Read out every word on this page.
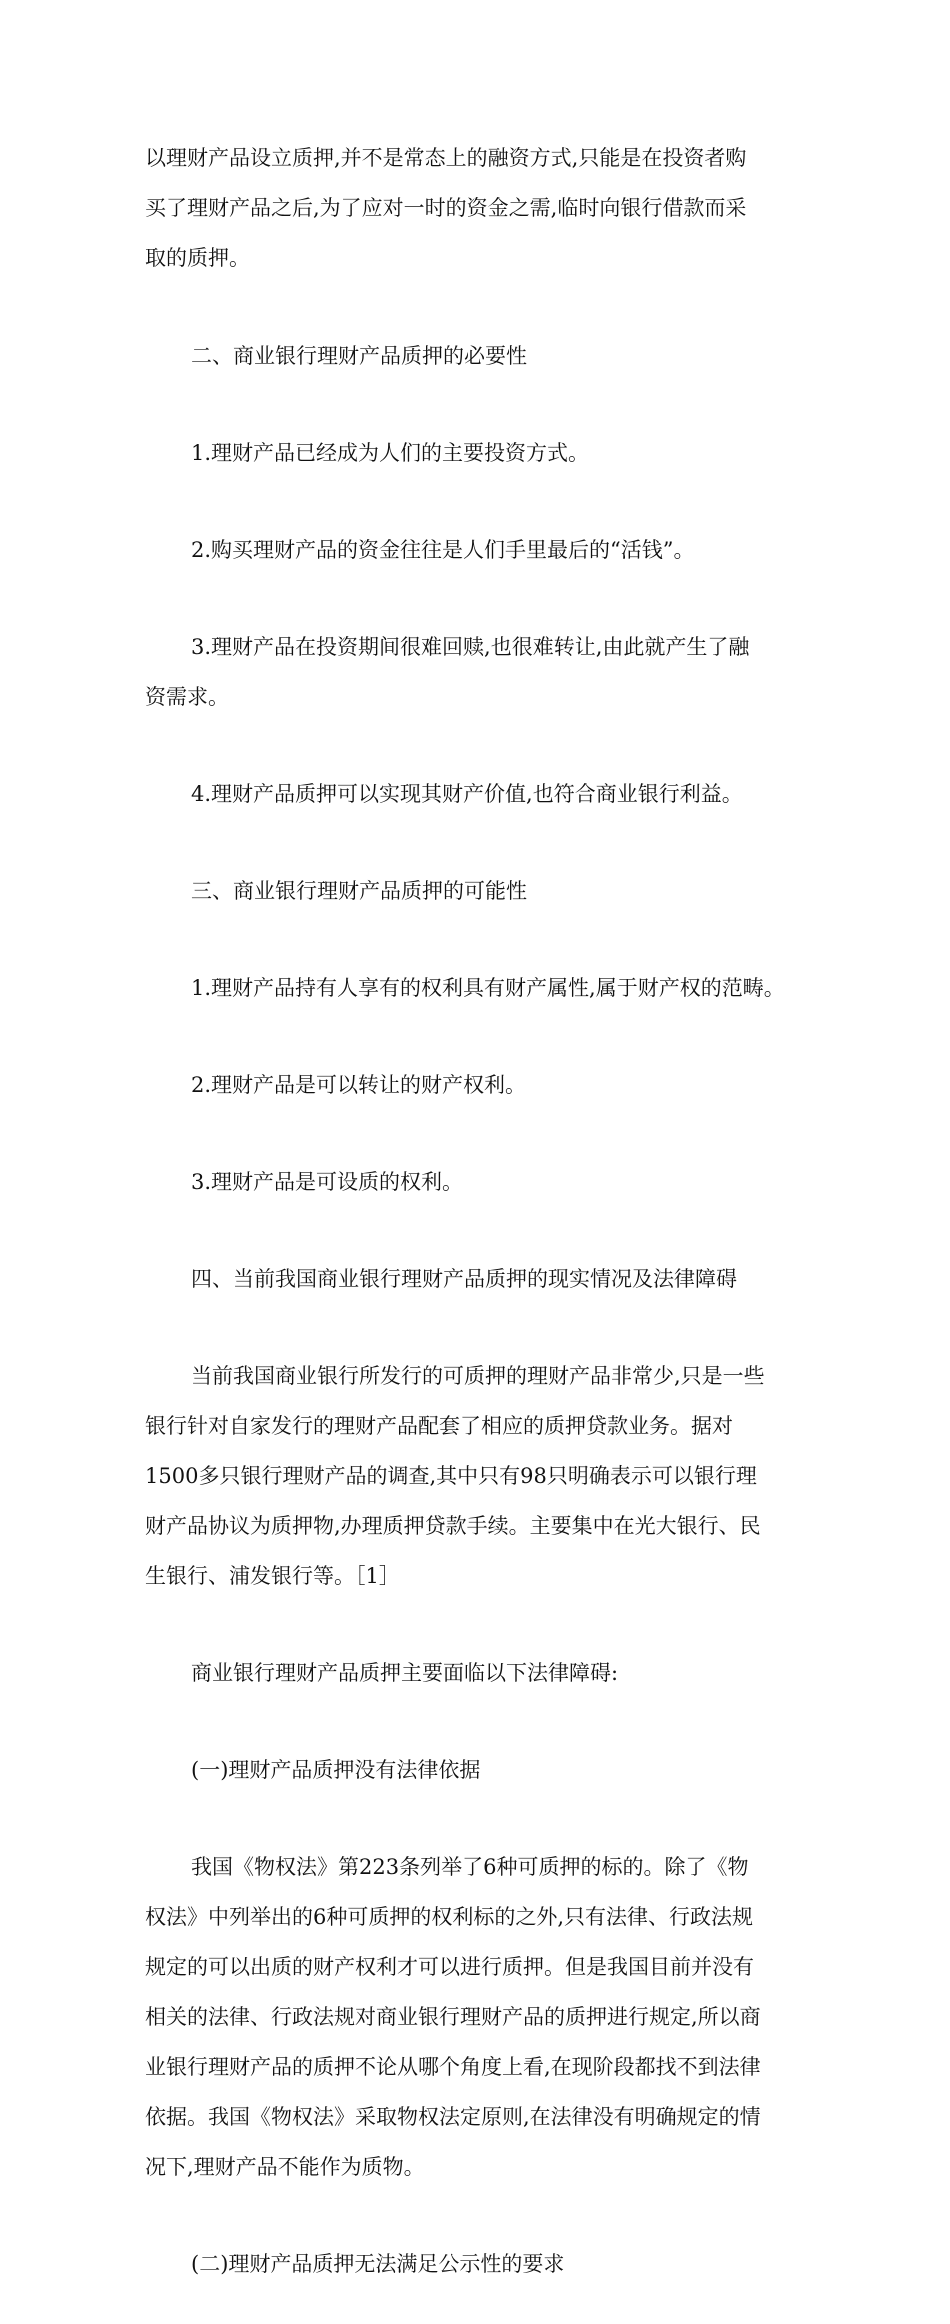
以理财产品设立质押,并不是常态上的融资方式,只能是在投资者购

买了理财产品之后,为了应对一时的资金之需,临时向银行借款而采

取的质押。

二、商业银行理财产品质押的必要性

1.理财产品已经成为人们的主要投资方式。

2.购买理财产品的资金往往是人们手里最后的“活钱”。

3.理财产品在投资期间很难回赎,也很难转让,由此就产生了融

资需求。

4.理财产品质押可以实现其财产价值,也符合商业银行利益。

三、商业银行理财产品质押的可能性

1.理财产品持有人享有的权利具有财产属性,属于财产权的范畴。

2.理财产品是可以转让的财产权利。

3.理财产品是可设质的权利。

四、当前我国商业银行理财产品质押的现实情况及法律障碍

当前我国商业银行所发行的可质押的理财产品非常少,只是一些

银行针对自家发行的理财产品配套了相应的质押贷款业务。据对

1500多只银行理财产品的调查,其中只有98只明确表示可以银行理

财产品协议为质押物,办理质押贷款手续。主要集中在光大银行、民

生银行、浦发银行等。［1］

商业银行理财产品质押主要面临以下法律障碍:

(一)理财产品质押没有法律依据

我国《物权法》第223条列举了6种可质押的标的。除了《物

权法》中列举出的6种可质押的权利标的之外,只有法律、行政法规

规定的可以出质的财产权利才可以进行质押。但是我国目前并没有

相关的法律、行政法规对商业银行理财产品的质押进行规定,所以商

业银行理财产品的质押不论从哪个角度上看,在现阶段都找不到法律

依据。我国《物权法》采取物权法定原则,在法律没有明确规定的情

况下,理财产品不能作为质物。

(二)理财产品质押无法满足公示性的要求
